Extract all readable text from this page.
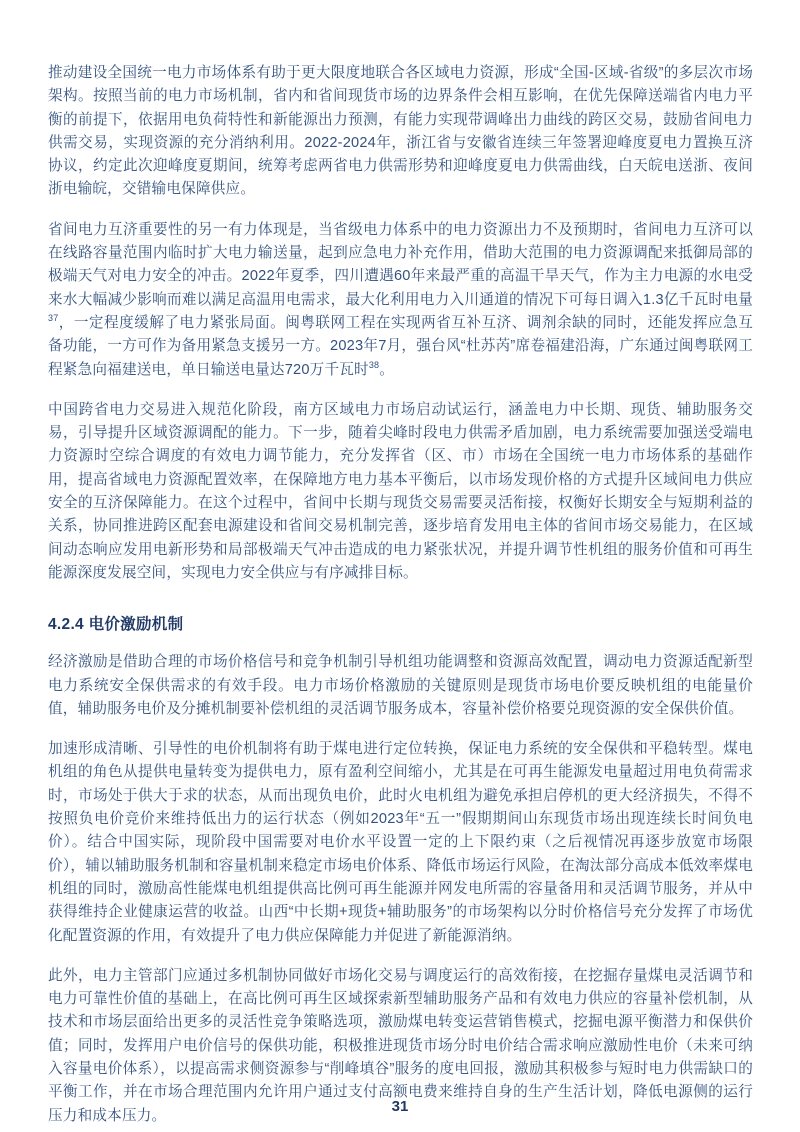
推动建设全国统一电力市场体系有助于更大限度地联合各区域电力资源，形成“全国-区域-省级”的多层次市场架构。按照当前的电力市场机制，省内和省间现货市场的边界条件会相互影响，在优先保障送端省内电力平衡的前提下，依据用电负荷特性和新能源出力预测，有能力实现带调峰出力曲线的跨区交易，鼓励省间电力供需交易，实现资源的充分消纳利用。2022-2024年，浙江省与安徽省连续三年签署迎峰度夏电力置换互济协议，约定此次迎峰度夏期间，统筹考虑两省电力供需形势和迎峰度夏电力供需曲线，白天皖电送浙、夜间浙电输皖，交错输电保障供应。

省间电力互济重要性的另一有力体现是，当省级电力体系中的电力资源出力不及预期时，省间电力互济可以在线路容量范围内临时扩大电力输送量，起到应急电力补充作用，借助大范围的电力资源调配来抵御局部的极端天气对电力安全的冲击。2022年夏季，四川遭遇60年来最严重的高温干旱天气，作为主力电源的水电受来水大幅减少影响而难以满足高温用电需求，最大化利用电力入川通道的情况下可每日调入1.3亿千瓦时电量$^{37}$，一定程度缓解了电力紧张局面。闽粤联网工程在实现两省互补互济、调剂余缺的同时，还能发挥应急互备功能，一方可作为备用紧急支援另一方。2023年7月，强台风“杜苏芮”席卷福建沿海，广东通过闽粤联网工程紧急向福建送电，单日输送电量达720万千瓦时$^{38}$。

中国跨省电力交易进入规范化阶段，南方区域电力市场启动试运行，涵盖电力中长期、现货、辅助服务交易，引导提升区域资源调配的能力。下一步，随着尖峰时段电力供需矛盾加剧，电力系统需要加强送受端电力资源时空综合调度的有效电力调节能力，充分发挥省（区、市）市场在全国统一电力市场体系的基础作用，提高省域电力资源配置效率，在保障地方电力基本平衡后，以市场发现价格的方式提升区域间电力供应安全的互济保障能力。在这个过程中，省间中长期与现货交易需要灵活衔接，权衡好长期安全与短期利益的关系，协同推进跨区配套电源建设和省间交易机制完善，逐步培育发用电主体的省间市场交易能力，在区域间动态响应发用电新形势和局部极端天气冲击造成的电力紧张状况，并提升调节性机组的服务价值和可再生能源深度发展空间，实现电力安全供应与有序减排目标。

4.2.4 电价激励机制

经济激励是借助合理的市场价格信号和竞争机制引导机组功能调整和资源高效配置，调动电力资源适配新型电力系统安全保供需求的有效手段。电力市场价格激励的关键原则是现货市场电价要反映机组的电能量价值，辅助服务电价及分摊机制要补偿机组的灵活调节服务成本，容量补偿价格要兑现资源的安全保供价值。

加速形成清晰、引导性的电价机制将有助于煤电进行定位转换，保证电力系统的安全保供和平稳转型。煤电机组的角色从提供电量转变为提供电力，原有盈利空间缩小，尤其是在可再生能源发电量超过用电负荷需求时，市场处于供大于求的状态，从而出现负电价，此时火电机组为避免承担启停机的更大经济损失，不得不按照负电价竞价来维持低出力的运行状态（例如2023年“五一”假期期间山东现货市场出现连续长时间负电价）。结合中国实际，现阶段中国需要对电价水平设置一定的上下限约束（之后视情况再逐步放宽市场限价），辅以辅助服务机制和容量机制来稳定市场电价体系、降低市场运行风险，在淘汰部分高成本低效率煤电机组的同时，激励高性能煤电机组提供高比例可再生能源并网发电所需的容量备用和灵活调节服务，并从中获得维持企业健康运营的收益。山西“中长期+现货+辅助服务”的市场架构以分时价格信号充分发挥了市场优化配置资源的作用，有效提升了电力供应保障能力并促进了新能源消纳。

此外，电力主管部门应通过多机制协同做好市场化交易与调度运行的高效衔接，在挖掘存量煤电灵活调节和电力可靠性价值的基础上，在高比例可再生区域探索新型辅助服务产品和有效电力供应的容量补偿机制，从技术和市场层面给出更多的灵活性竞争策略选项，激励煤电转变运营销售模式，挖掘电源平衡潜力和保供价值；同时，发挥用户电价信号的保供功能，积极推进现货市场分时电价结合需求响应激励性电价（未来可纳入容量电价体系），以提高需求侧资源参与“削峰填谷”服务的度电回报，激励其积极参与短时电力供需缺口的平衡工作，并在市场合理范围内允许用户通过支付高额电费来维持自身的生产生活计划，降低电源侧的运行压力和成本压力。

31
